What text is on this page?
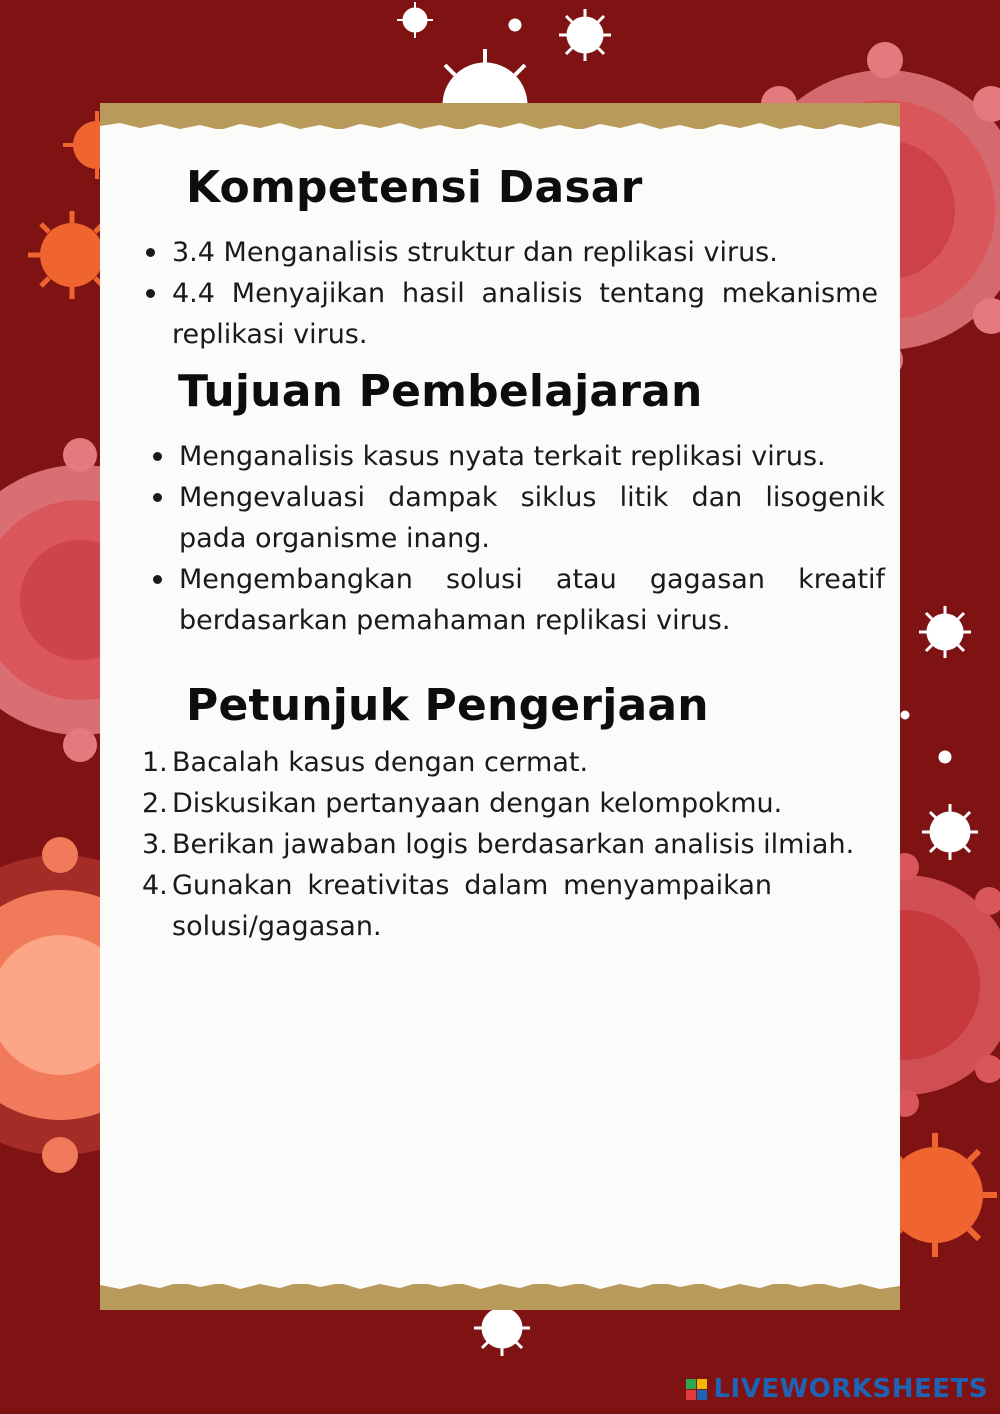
Kompetensi Dasar
3.4 Menganalisis struktur dan replikasi virus.
4.4 Menyajikan hasil analisis tentang mekanisme replikasi virus.
Tujuan Pembelajaran
Menganalisis kasus nyata terkait replikasi virus.
Mengevaluasi dampak siklus litik dan lisogenik pada organisme inang.
Mengembangkan solusi atau gagasan kreatif berdasarkan pemahaman replikasi virus.
Petunjuk Pengerjaan
1. Bacalah kasus dengan cermat.
2. Diskusikan pertanyaan dengan kelompokmu.
3. Berikan jawaban logis berdasarkan analisis ilmiah.
4. Gunakan kreativitas dalam menyampaikan solusi/gagasan.
LIVEWORKSHEETS
